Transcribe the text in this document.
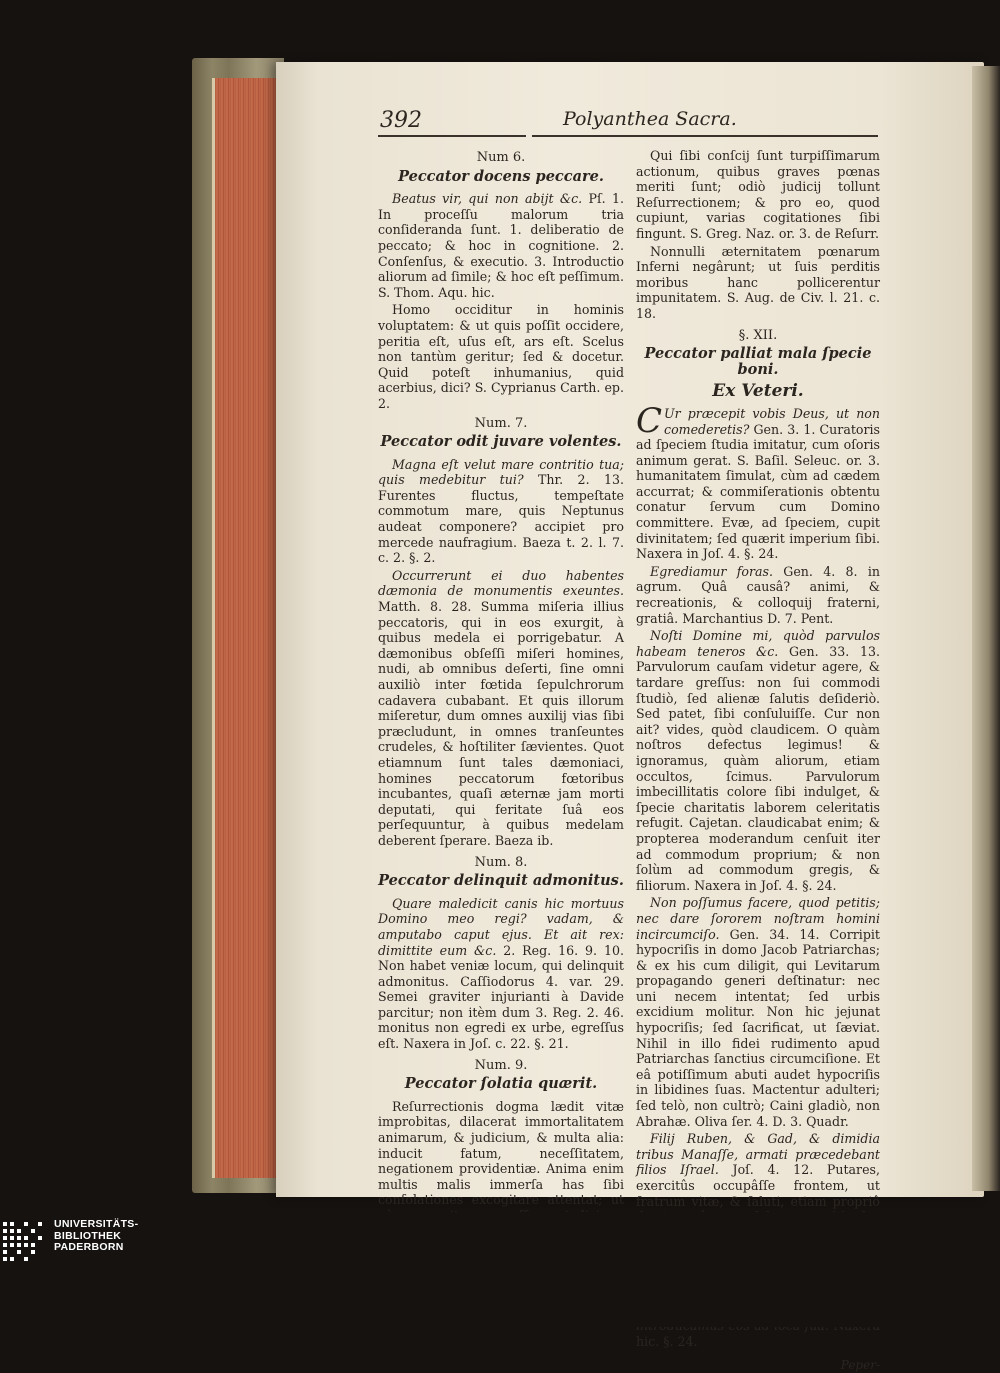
392	Polyanthea Sacra.
Num 6.
Peccator docens peccare.

Beatus vir, qui non abijt &c. Pſ. 1. In proceſſu malorum tria conſideranda ſunt. 1. deliberatio de peccato; & hoc in cognitione. 2. Conſenſus, & executio. 3. Introductio aliorum ad ſimile; & hoc eſt peſſimum. S. Thom. Aqu. hic.

Homo occiditur in hominis voluptatem: & ut quis poſſit occidere, peritia eſt, uſus eſt, ars eſt. Scelus non tantùm geritur; ſed & docetur. Quid poteſt inhumanius, quid acerbius, dici? S. Cyprianus Carth. ep. 2.

Num. 7.
Peccator odit juvare volentes.

Magna eſt velut mare contritio tua; quis medebitur tui? Thr. 2. 13. Furentes fluctus, tempeſtate commotum mare, quis Neptunus audeat componere? accipiet pro mercede naufragium. Baeza t. 2. l. 7. c. 2. §. 2.

Occurrerunt ei duo habentes dæmonia de monumentis exeuntes. Matth. 8. 28. Summa miſeria illius peccatoris, qui in eos exurgit, à quibus medela ei porrigebatur. A dæmonibus obſeſſi miſeri homines, nudi, ab omnibus deſerti, ſine omni auxiliò inter fœtida ſepulchrorum cadavera cubabant. Et quis illorum miſeretur, dum omnes auxilij vias ſibi præcludunt, in omnes tranſeuntes crudeles, & hoſtiliter ſævientes. Quot etiamnum ſunt tales dæmoniaci, homines peccatorum fœtoribus incubantes, quaſi æternæ jam morti deputati, qui feritate ſuâ eos perſequuntur, à quibus medelam deberent ſperare. Baeza ib.

Num. 8.
Peccator delinquit admonitus.

Quare maledicit canis hic mortuus Domino meo regi? vadam, & amputabo caput ejus. Et ait rex: dimittite eum &c. 2. Reg. 16. 9. 10. Non habet veniæ locum, qui delinquit admonitus. Caſſiodorus 4. var. 29. Semei graviter injurianti à Davide parcitur; non itèm dum 3. Reg. 2. 46. monitus non egredi ex urbe, egreſſus eſt. Naxera in Joſ. c. 22. §. 21.

Num. 9.
Peccator ſolatia quærit.

Reſurrectionis dogma lædit vitæ improbitas, dilacerat immortalitatem animarum, & judicium, & multa alia: inducit fatum, neceſſitatem, negationem providentiæ. Anima enim multis malis immerſa has ſibi conſolationes excogitare attentat; ut

Qui ſibi conſcij ſunt turpiſſimarum actionum, quibus graves pœnas meriti ſunt; odiò judicij tollunt Reſurrectionem; & pro eo, quod cupiunt, varias cogitationes ſibi fingunt. S. Greg. Naz. or. 3. de Reſurr.

Nonnulli æternitatem pœnarum Inferni negârunt; ut ſuis perditis moribus hanc pollicerentur impunitatem. S. Aug. de Civ. l. 21. c. 18.

§. XII.
Peccator palliat mala ſpecie boni.
Ex Veteri.

C Ur præcepit vobis Deus, ut non comederetis? Gen. 3. 1. Curatoris ad ſpeciem ſtudia imitatur, cum oſoris animum gerat. S. Baſil. Seleuc. or. 3. humanitatem ſimulat, cùm ad cædem accurrat; & commiſerationis obtentu conatur ſervum cum Domino committere. Evæ, ad ſpeciem, cupit divinitatem; ſed quærit imperium ſibi. Naxera in Joſ. 4. §. 24.

Egrediamur foras. Gen. 4. 8. in agrum. Quâ causâ? animi, & recreationis, & colloquij fraterni, gratiâ. Marchantius D. 7. Pent.

Noſti Domine mi, quòd parvulos habeam teneros &c. Gen. 33. 13. Parvulorum cauſam videtur agere, & tardare greſſus: non ſui commodi ſtudiò, ſed alienæ ſalutis deſideriò. Sed patet, ſibi conſuluiſſe. Cur non ait? vides, quòd claudicem. O quàm noſtros defectus legimus! & ignoramus, quàm aliorum, etiam occultos, ſcimus. Parvulorum imbecillitatis colore ſibi indulget, & ſpecie charitatis laborem celeritatis refugit. Cajetan. claudicabat enim; & propterea moderandum cenſuit iter ad commodum proprium; & non ſolùm ad commodum gregis, & filiorum. Naxera in Joſ. 4. §. 24.

Non poſſumus facere, quod petitis; nec dare ſororem noſtram homini incircumciſo. Gen. 34. 14. Corripit hypocriſis in domo Jacob Patriarchas; & ex his cum diligit, qui Levitarum propagando generi deſtinatur: nec uni necem intentat; ſed urbis excidium molitur. Non hic jejunat hypocriſis; ſed ſacrificat, ut ſæviat. Nihil in illo fidei rudimento apud Patriarchas ſanctius circumciſione. Et eâ potiſſimum abuti audet hypocriſis in libidines ſuas. Mactentur adulteri; ſed telò, non cultrò; Caini gladiò, non Abrahæ. Oliva ſer. 4. D. 3. Quadr.

Filij Ruben, & Gad, & dimidia tribus Manaſſe, armati præcedebant filios Iſrael. Joſ. 4. 12. Putares, exercitûs occupâſſe frontem, ut fratrum vitæ, & ſaluti, etiam propriô hic. §. 24.

Peper-
UNIVERSITÄTS-
BIBLIOTHEK
PADERBORN
